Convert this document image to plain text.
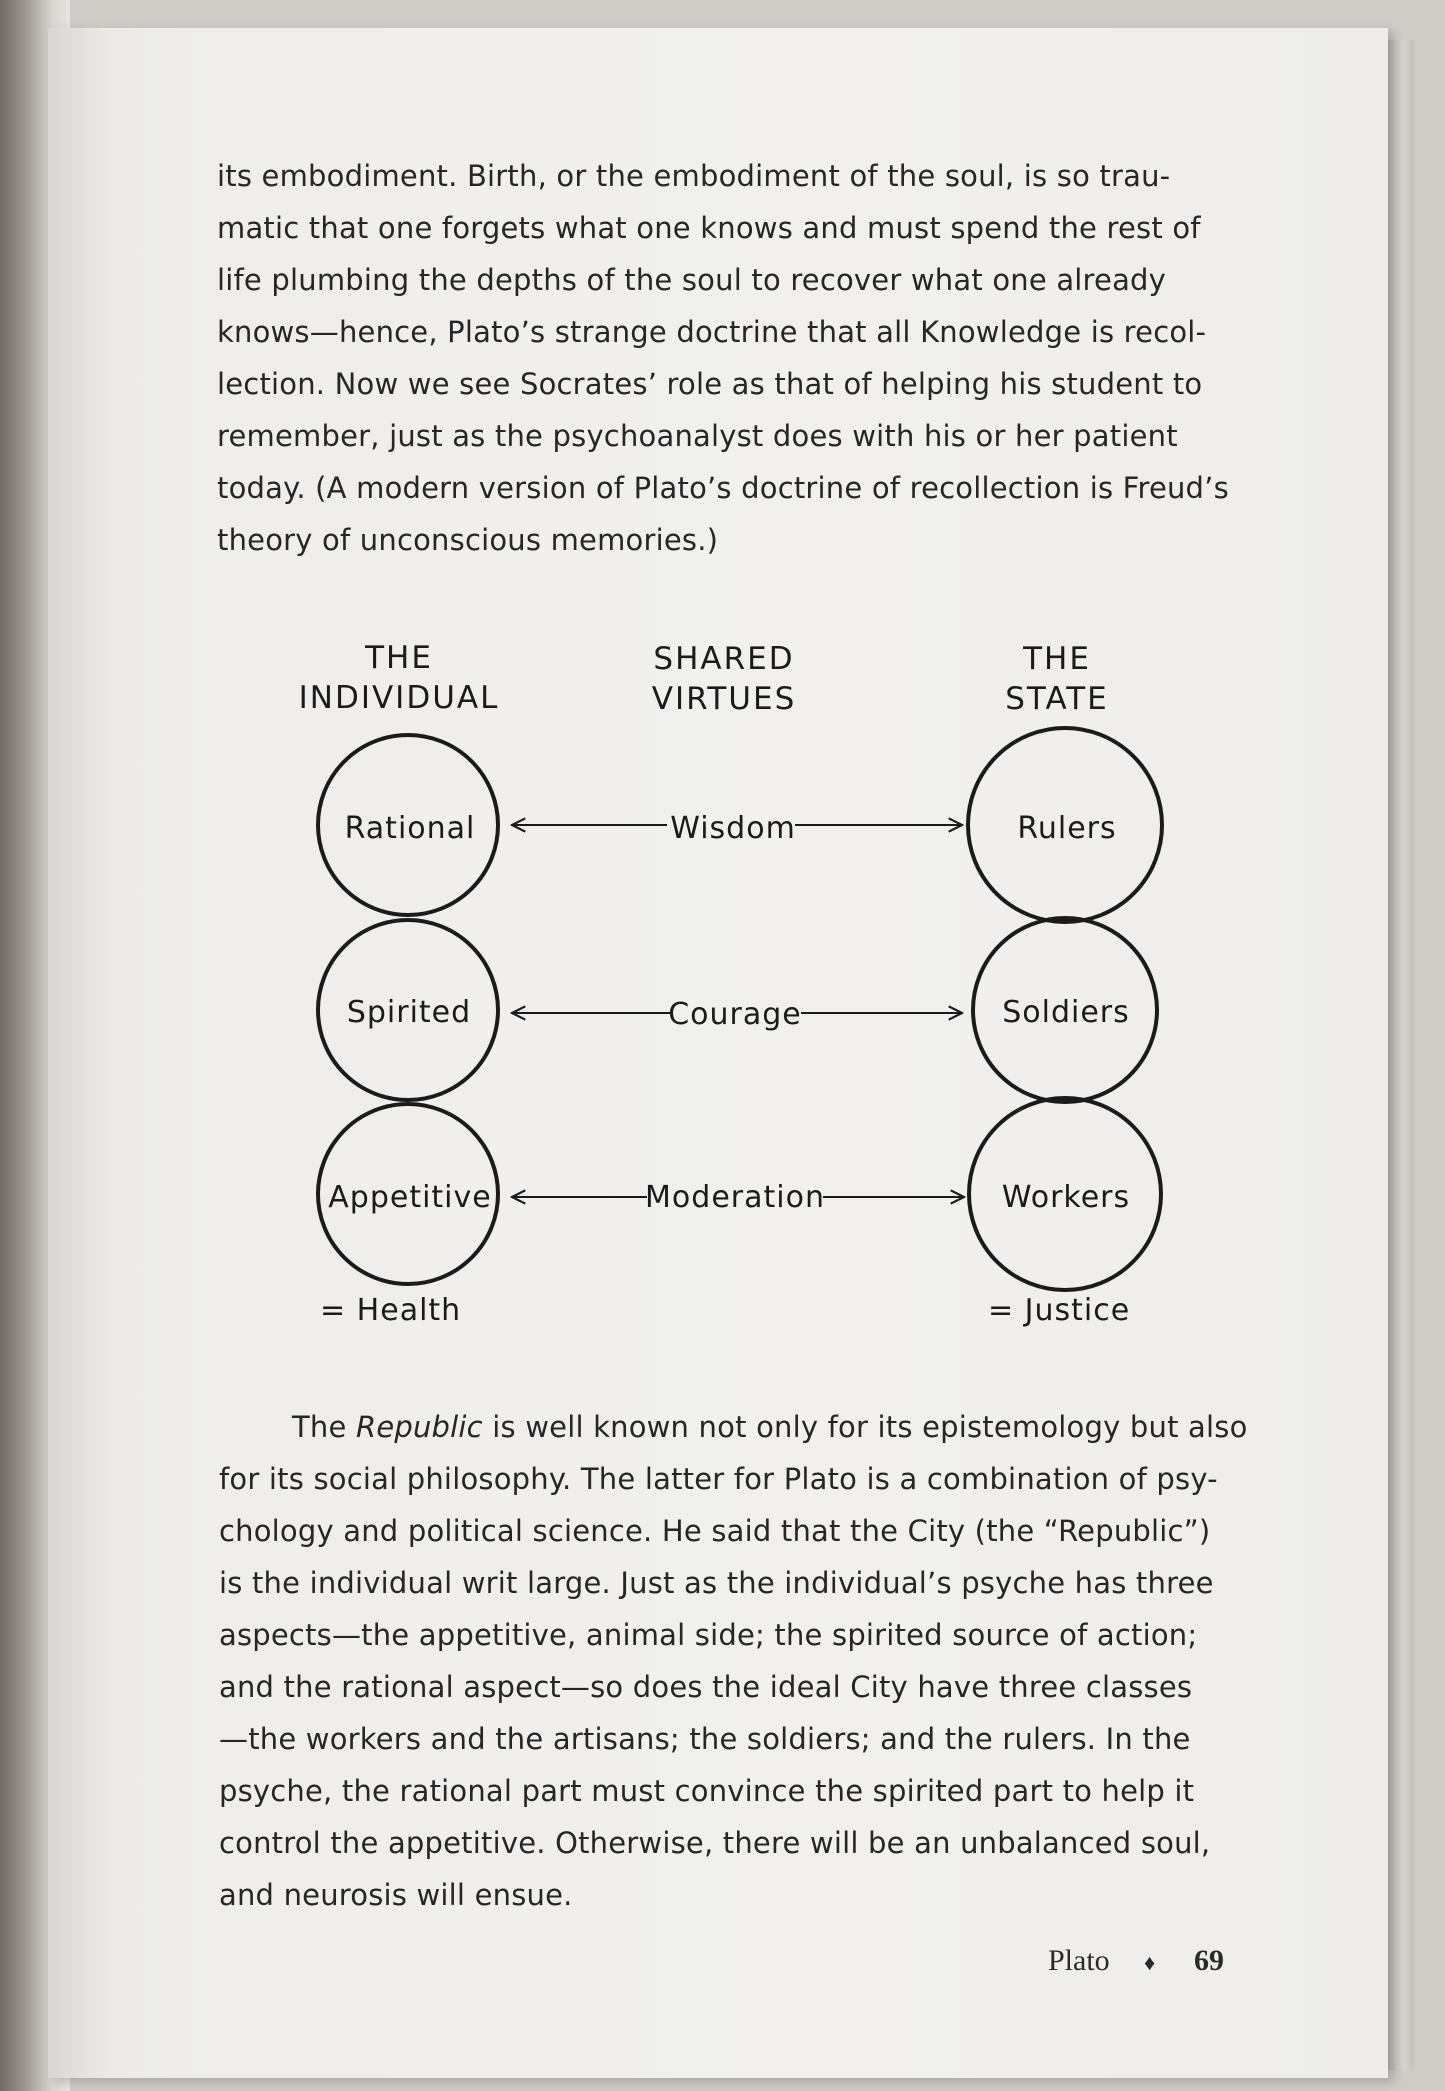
its embodiment. Birth, or the embodiment of the soul, is so trau-
matic that one forgets what one knows and must spend the rest of
life plumbing the depths of the soul to recover what one already
knows—hence, Plato’s strange doctrine that all Knowledge is recol-
lection. Now we see Socrates’ role as that of helping his student to
remember, just as the psychoanalyst does with his or her patient
today. (A modern version of Plato’s doctrine of recollection is Freud’s
theory of unconscious memories.)
THE
INDIVIDUAL
SHARED
VIRTUES
THE
STATE
Rational
Spirited
Appetitive
Rulers
Soldiers
Workers
Wisdom
Courage
Moderation
= Health	= Justice
The Republic is well known not only for its epistemology but also
for its social philosophy. The latter for Plato is a combination of psy-
chology and political science. He said that the City (the “Republic”)
is the individual writ large. Just as the individual’s psyche has three
aspects—the appetitive, animal side; the spirited source of action;
and the rational aspect—so does the ideal City have three classes
—the workers and the artisans; the soldiers; and the rulers. In the
psyche, the rational part must convince the spirited part to help it
control the appetitive. Otherwise, there will be an unbalanced soul,
and neurosis will ensue.
Plato ♦ 69
